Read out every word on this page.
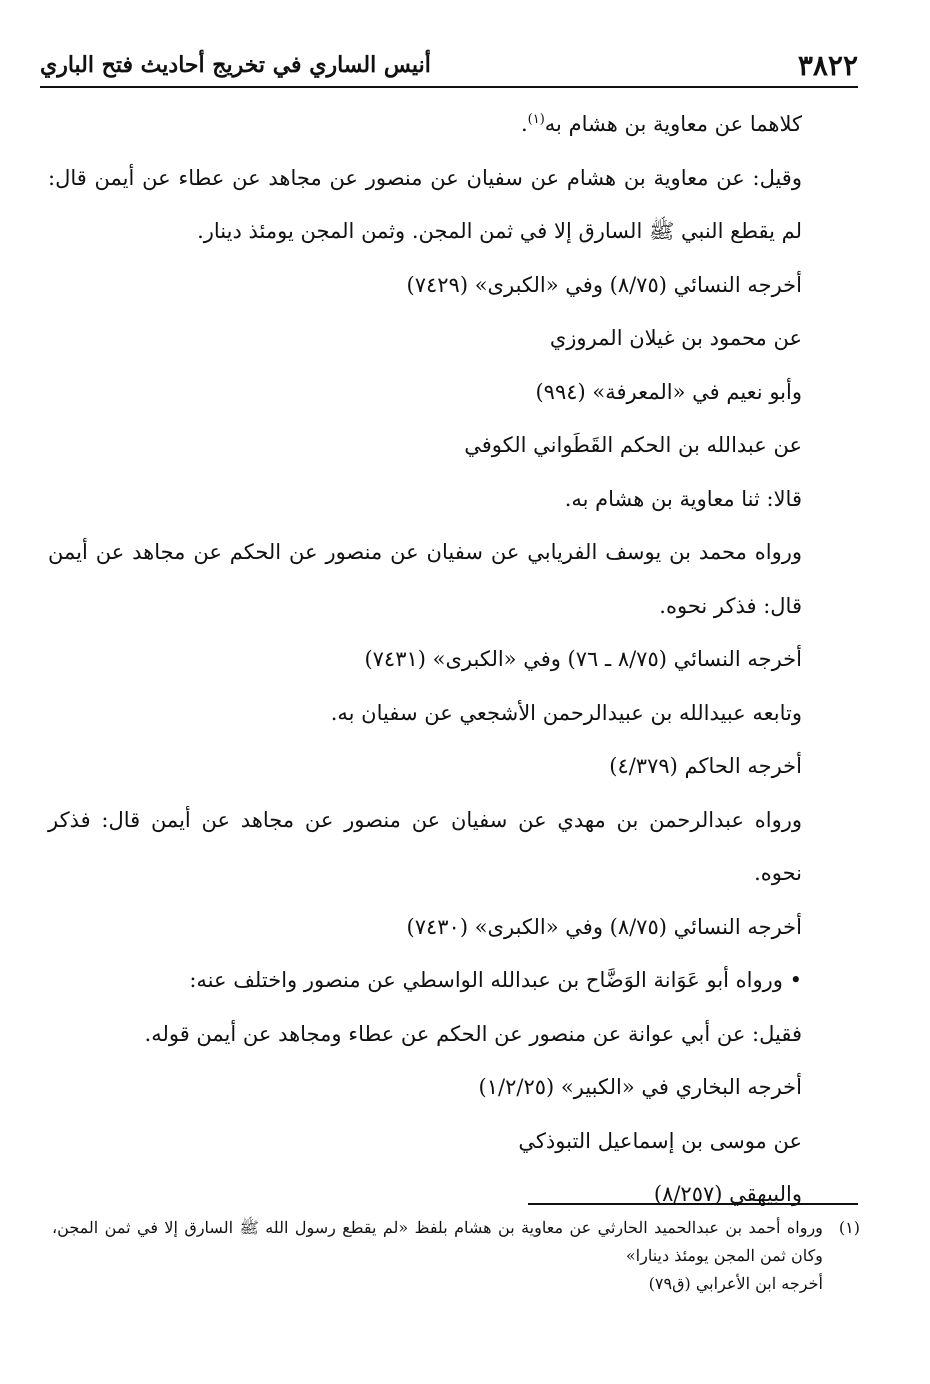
٣٨٢٢
أنيس الساري في تخريج أحاديث فتح الباري

كلاهما عن معاوية بن هشام به$^{(١)}$.

وقيل: عن معاوية بن هشام عن سفيان عن منصور عن مجاهد عن عطاء عن أيمن قال: لم يقطع النبي ﷺ السارق إلا في ثمن المجن. وثمن المجن يومئذ دينار.

أخرجه النسائي (٨/٧٥) وفي «الكبرى» (٧٤٢٩)

عن محمود بن غيلان المروزي

وأبو نعيم في «المعرفة» (٩٩٤)

عن عبدالله بن الحكم القَطَواني الكوفي

قالا: ثنا معاوية بن هشام به.

ورواه محمد بن يوسف الفريابي عن سفيان عن منصور عن الحكم عن مجاهد عن أيمن قال: فذكر نحوه.

أخرجه النسائي (٨/٧٥ ـ ٧٦) وفي «الكبرى» (٧٤٣١)

وتابعه عبيدالله بن عبيدالرحمن الأشجعي عن سفيان به.

أخرجه الحاكم (٤/٣٧٩)

ورواه عبدالرحمن بن مهدي عن سفيان عن منصور عن مجاهد عن أيمن قال: فذكر نحوه.

أخرجه النسائي (٨/٧٥) وفي «الكبرى» (٧٤٣٠)

• ورواه أبو عَوَانة الوَضَّاح بن عبدالله الواسطي عن منصور واختلف عنه:

فقيل: عن أبي عوانة عن منصور عن الحكم عن عطاء ومجاهد عن أيمن قوله.

أخرجه البخاري في «الكبير» (١/٢/٢٥)

عن موسى بن إسماعيل التبوذكي

والبيهقي (٨/٢٥٧)

(١)

ورواه أحمد بن عبدالحميد الحارثي عن معاوية بن هشام بلفظ «لم يقطع رسول الله ﷺ السارق إلا في ثمن المجن، وكان ثمن المجن يومئذ دينارا»

أخرجه ابن الأعرابي (ق٧٩)
